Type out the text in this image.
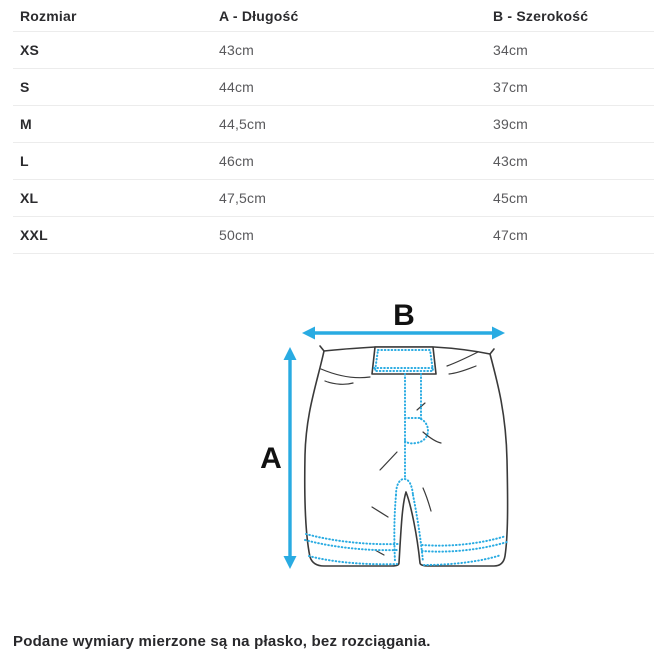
Rozmiar	A - Długość	B - Szerokość
XS	43cm	34cm
S	44cm	37cm
M	44,5cm	39cm
L	46cm	43cm
XL	47,5cm	45cm
XXL	50cm	47cm
B
A
Podane wymiary mierzone są na płasko, bez rozciągania.
